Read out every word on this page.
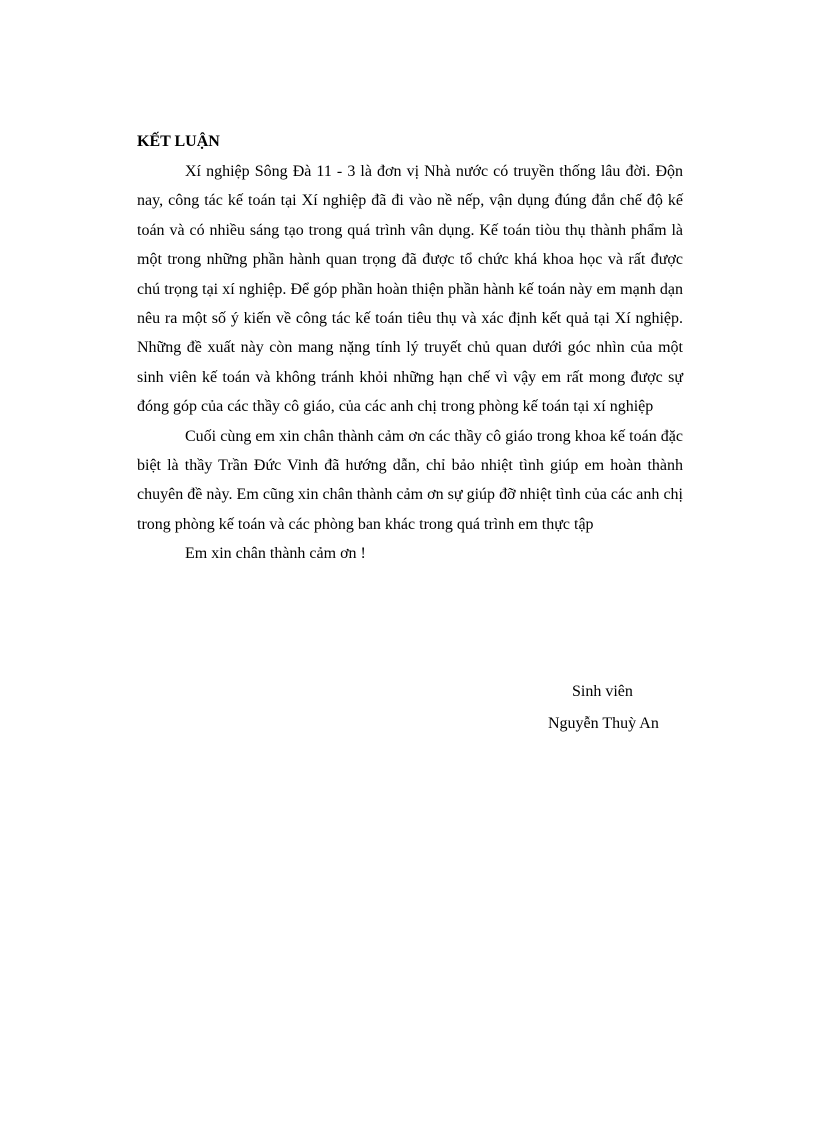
KẾT LUẬN

Xí nghiệp Sông Đà 11 - 3 là đơn vị Nhà nước có truyền thống lâu đời. Độn nay, công tác kế toán tại Xí nghiệp đã đi vào nề nếp, vận dụng đúng đắn chế độ kế toán và có nhiều sáng tạo trong quá trình vân dụng. Kế toán tiòu thụ thành phẩm là một trong những phần hành quan trọng đã được tổ chức khá khoa học và rất được chú trọng tại xí nghiệp. Để góp phần hoàn thiện phần hành kế toán này em mạnh dạn nêu ra một số ý kiến về công tác kế toán tiêu thụ và xác định kết quả tại Xí nghiệp. Những đề xuất này còn mang nặng tính lý truyết chủ quan dưới góc nhìn của một sinh viên kế toán và không tránh khỏi những hạn chế vì vậy em rất mong được sự đóng góp của các thầy cô giáo, của các anh chị trong phòng kế toán tại xí nghiệp

Cuối cùng em xin chân thành cảm ơn các thầy cô giáo trong khoa kế toán đặc biệt là thầy Trần Đức Vinh đã hướng dẫn, chỉ bảo nhiệt tình giúp em hoàn thành chuyên đề này. Em cũng xin chân thành cảm ơn sự giúp đỡ nhiệt tình của các anh chị trong phòng kế toán và các phòng ban khác trong quá trình em thực tập

Em xin chân thành cảm ơn !

Sinh viên
Nguyễn Thuỳ An
